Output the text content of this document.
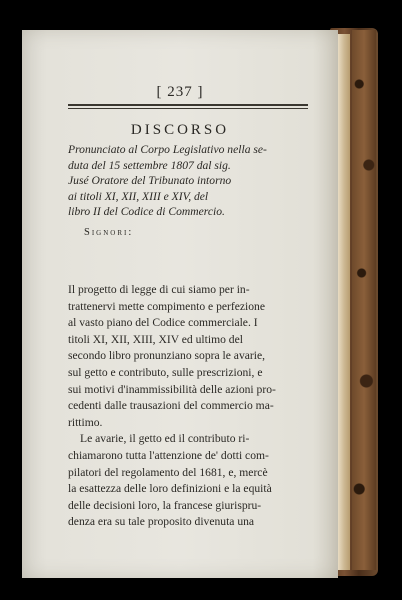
[ 237 ]
DISCORSO
Pronunciato al Corpo Legislativo nella se-
duta del 15 settembre 1807 dal sig.
Jusé Oratore del Tribunato intorno
ai titoli XI, XII, XIII e XIV, del
libro II del Codice di Commercio.
Signori:
Il progetto di legge di cui siamo per in-
trattenervi mette compimento e perfezione
al vasto piano del Codice commerciale. I
titoli XI, XII, XIII, XIV ed ultimo del
secondo libro pronunziano sopra le avarie,
sul getto e contributo, sulle prescrizioni, e
sui motivi d'inammissibilità delle azioni pro-
cedenti dalle trausazioni del commercio ma-
rittimo.
Le avarie, il getto ed il contributo ri-
chiamarono tutta l'attenzione de' dotti com-
pilatori del regolamento del 1681, e, mercè
la esattezza delle loro definizioni e la equità
delle decisioni loro, la francese giurispru-
denza era su tale proposito divenuta una
